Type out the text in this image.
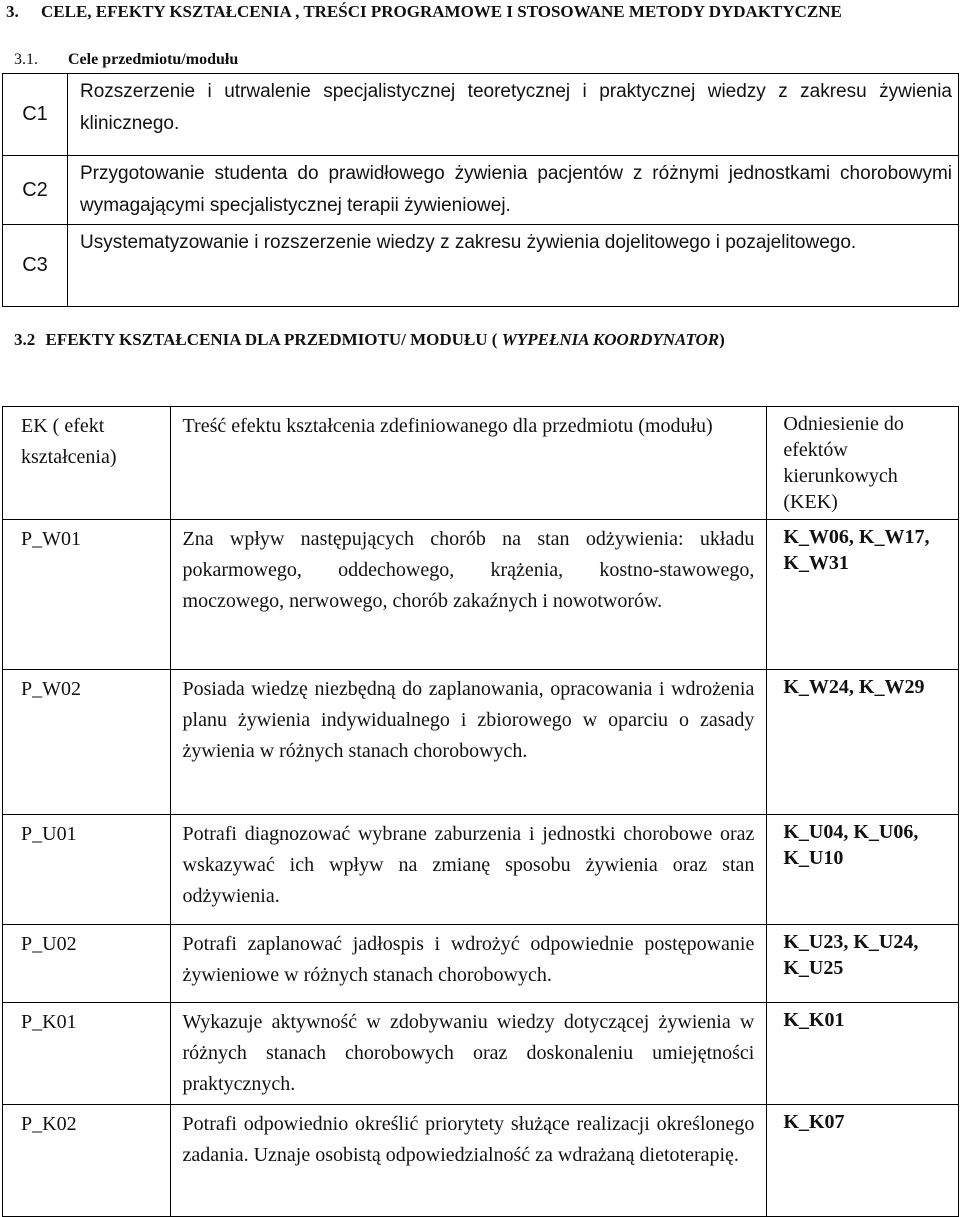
3. CELE, EFEKTY KSZTAŁCENIA , TREŚCI PROGRAMOWE I STOSOWANE METODY DYDAKTYCZNE
3.1. Cele przedmiotu/modułu
C1	Rozszerzenie i utrwalenie specjalistycznej teoretycznej i praktycznej wiedzy z zakresu żywienia klinicznego.
C2	Przygotowanie studenta do prawidłowego żywienia pacjentów z różnymi jednostkami chorobowymi wymagającymi specjalistycznej terapii żywieniowej.
C3	Usystematyzowanie i rozszerzenie wiedzy z zakresu żywienia dojelitowego i pozajelitowego.
3.2 EFEKTY KSZTAŁCENIA DLA PRZEDMIOTU/ MODUŁU ( WYPEŁNIA KOORDYNATOR)
EK ( efekt kształcenia)	Treść efektu kształcenia zdefiniowanego dla przedmiotu (modułu)	Odniesienie do efektów kierunkowych (KEK)
P_W01	Zna wpływ następujących chorób na stan odżywienia: układu pokarmowego, oddechowego, krążenia, kostno-stawowego, moczowego, nerwowego, chorób zakaźnych i nowotworów.	K_W06, K_W17, K_W31
P_W02	Posiada wiedzę niezbędną do zaplanowania, opracowania i wdrożenia planu żywienia indywidualnego i zbiorowego w oparciu o zasady żywienia w różnych stanach chorobowych.	K_W24, K_W29
P_U01	Potrafi diagnozować wybrane zaburzenia i jednostki chorobowe oraz wskazywać ich wpływ na zmianę sposobu żywienia oraz stan odżywienia.	K_U04, K_U06, K_U10
P_U02	Potrafi zaplanować jadłospis i wdrożyć odpowiednie postępowanie żywieniowe w różnych stanach chorobowych.	K_U23, K_U24, K_U25
P_K01	Wykazuje aktywność w zdobywaniu wiedzy dotyczącej żywienia w różnych stanach chorobowych oraz doskonaleniu umiejętności praktycznych.	K_K01
P_K02	Potrafi odpowiednio określić priorytety służące realizacji określonego zadania. Uznaje osobistą odpowiedzialność za wdrażaną dietoterapię.	K_K07
